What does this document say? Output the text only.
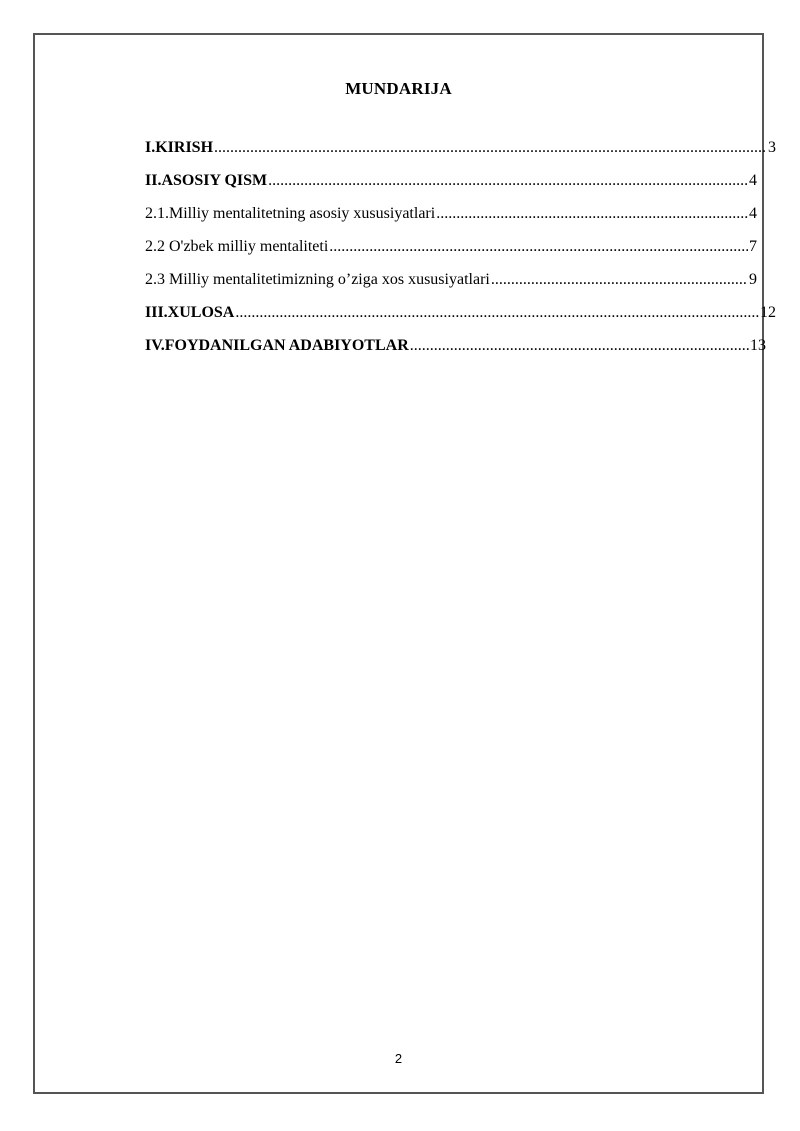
MUNDARIJA
I.KIRISH .....	3
II.ASOSIY QISM .....	4
2.1.Milliy mentalitetning asosiy xususiyatlari .....	4
2.2 O'zbek milliy mentaliteti .....	7
2.3 Milliy mentalitetimizning o’ziga xos xususiyatlari .....	9
III.XULOSA .....	12
IV.FOYDANILGAN ADABIYOTLAR .....	13
2
